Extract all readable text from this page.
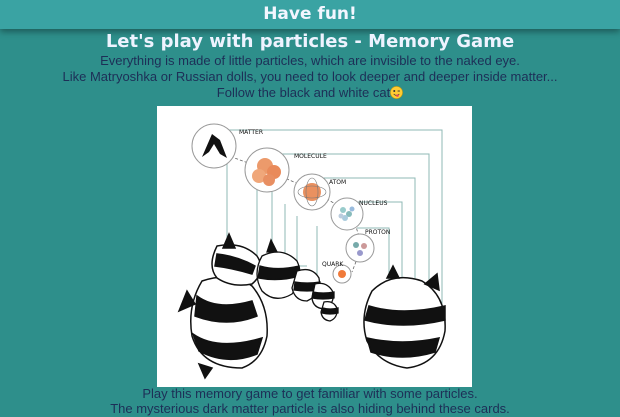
Have fun!
Let's play with particles - Memory Game
Everything is made of little particles, which are invisible to the naked eye.
Like Matryoshka or Russian dolls, you need to look deeper and deeper inside matter...
Follow the black and white cat
MATTER
MOLECULE
ATOM
NUCLEUS
PROTON
QUARK
Play this memory game to get familiar with some particles.
The mysterious dark matter particle is also hiding behind these cards.
